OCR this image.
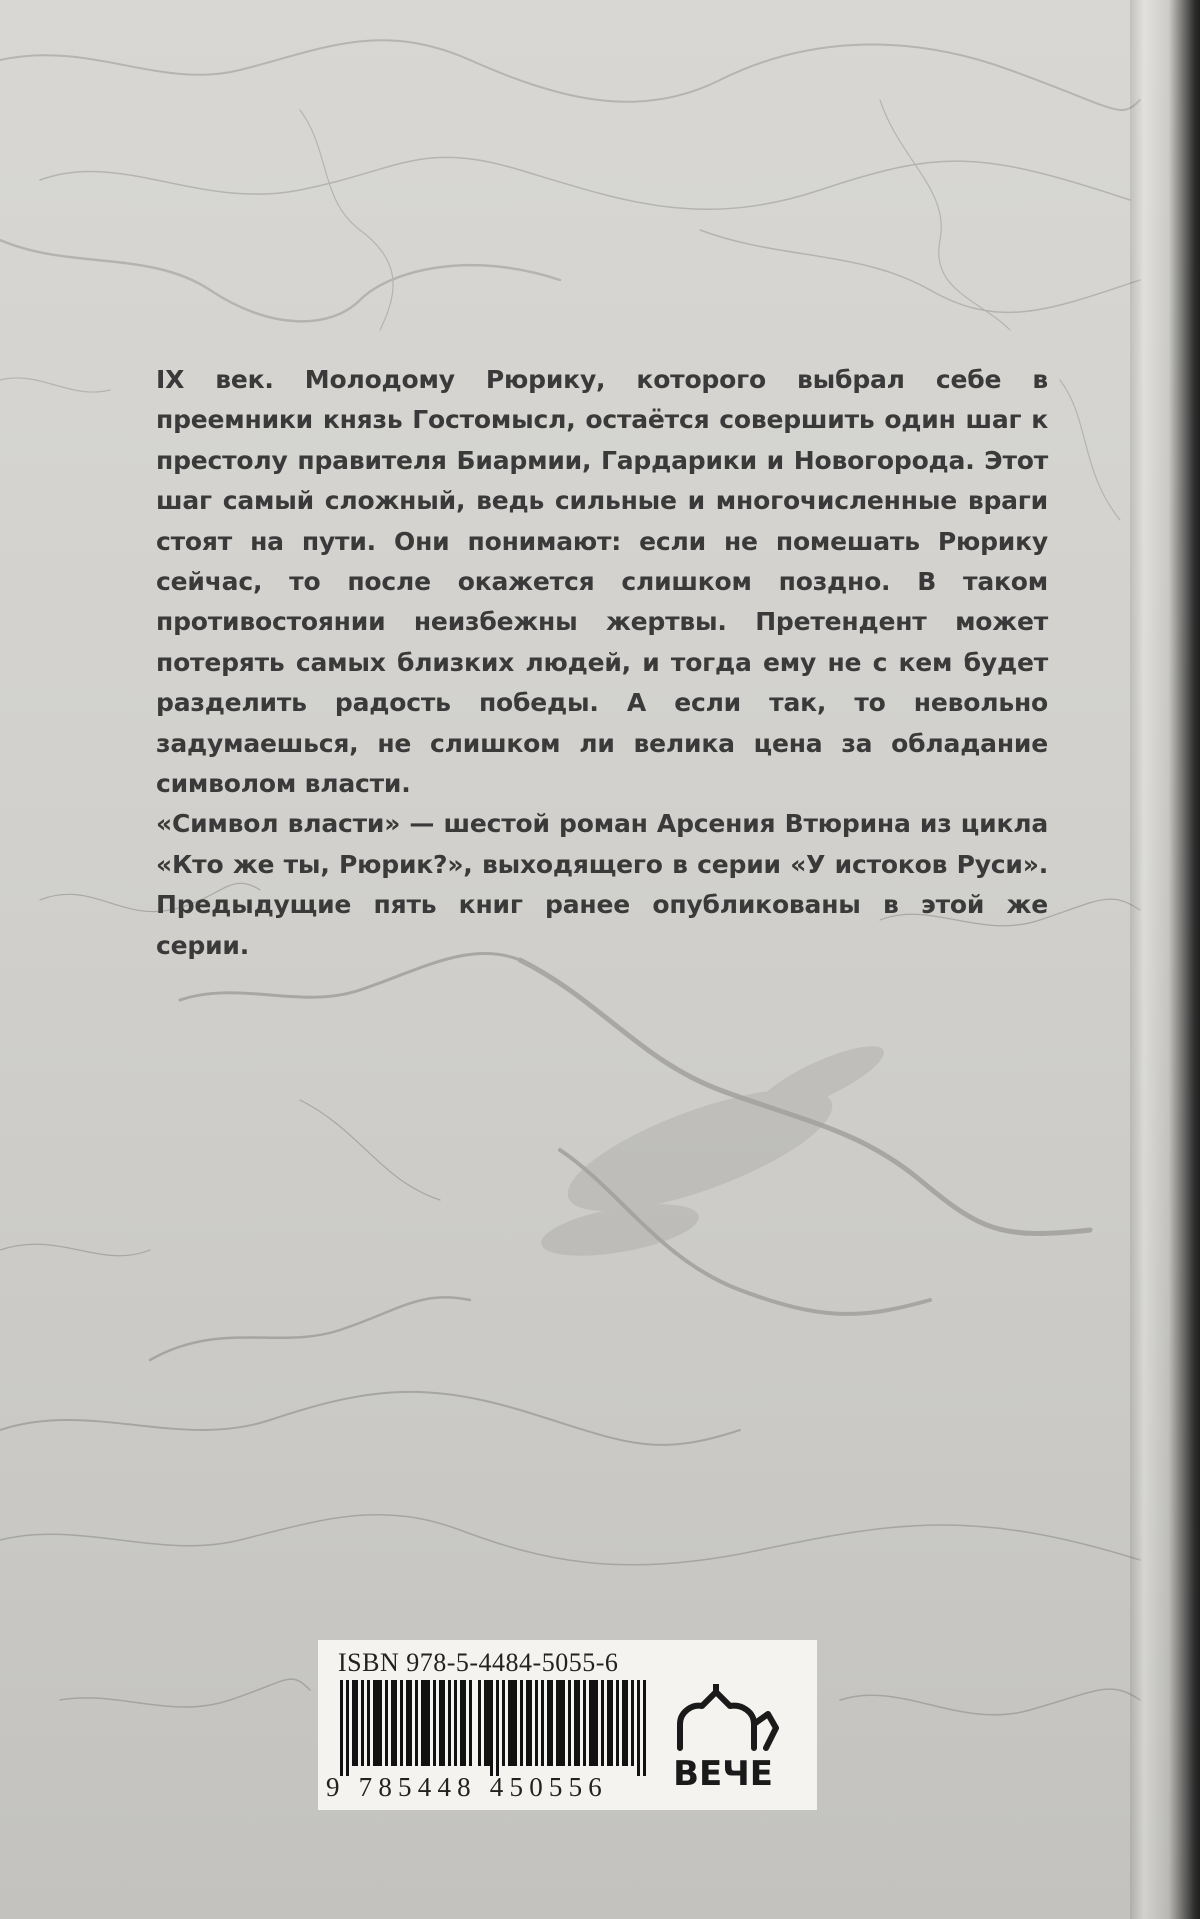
IX век. Молодому Рюрику, которого выбрал себе в преемники князь Гостомысл, остаётся совершить один шаг к престолу правителя Биармии, Гардарики и Новогорода. Этот шаг самый сложный, ведь сильные и многочисленные враги стоят на пути. Они понимают: если не помешать Рюрику сейчас, то после окажется слишком поздно. В таком противостоянии неизбежны жертвы. Претендент может потерять самых близких людей, и тогда ему не с кем будет разделить радость победы. А если так, то невольно задумаешься, не слишком ли велика цена за обладание символом власти.

«Символ власти» — шестой роман Арсения Втюрина из цикла «Кто же ты, Рюрик?», выходящего в серии «У истоков Руси». Предыдущие пять книг ранее опубликованы в этой же серии.

ISBN 978-5-4484-5055-6
9 785448 450556 ВЕЧЕ
